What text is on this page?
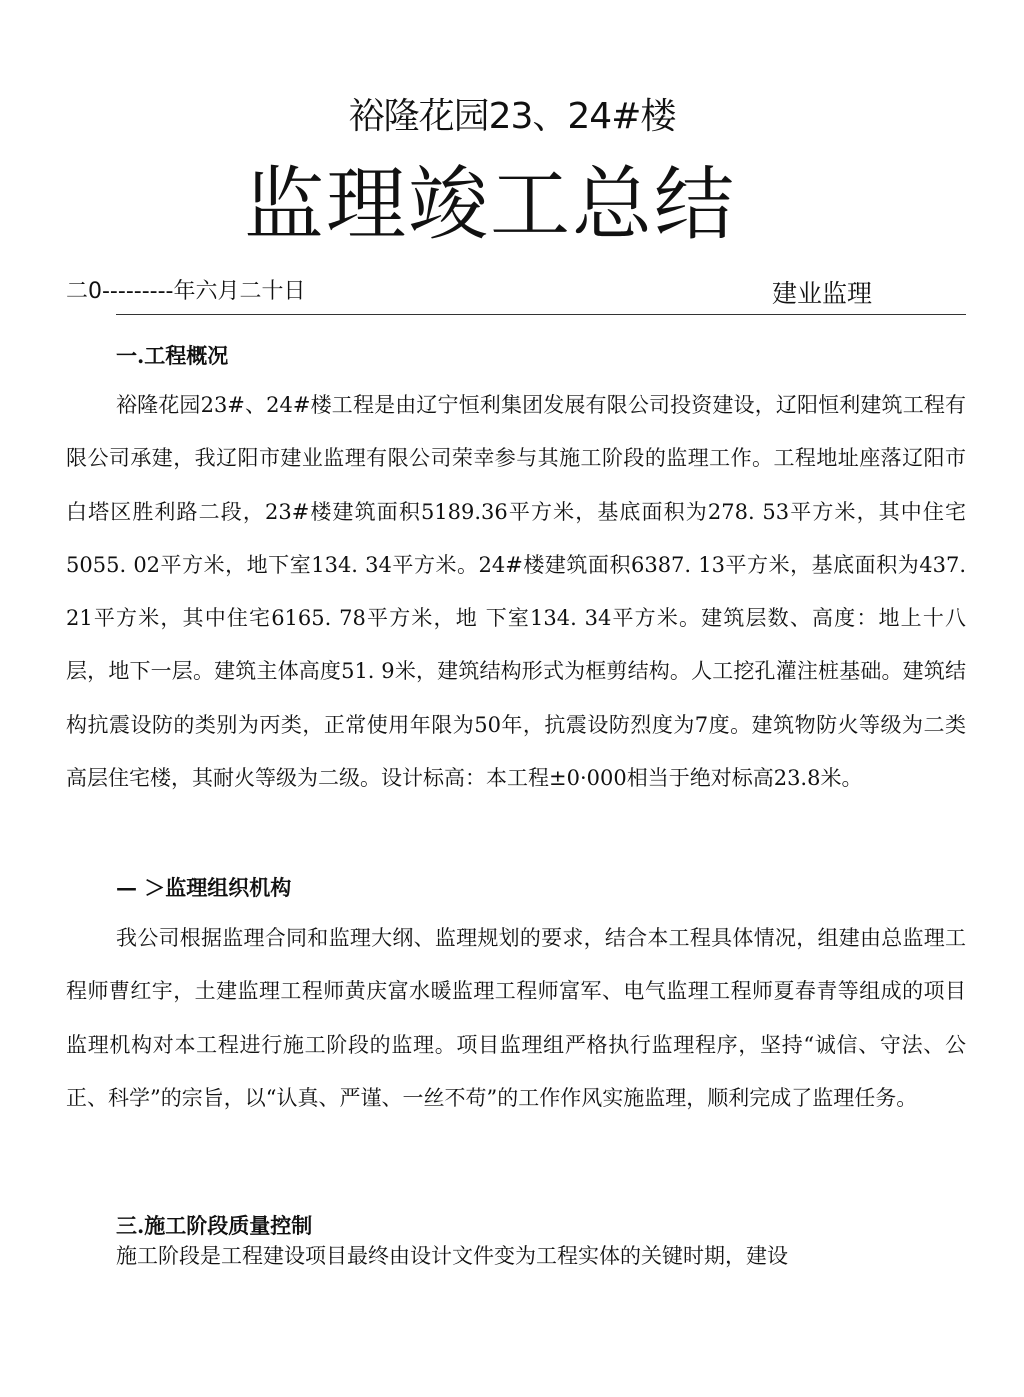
裕隆花园23、24#楼
监理竣工总结
二0---------年六月二十日	建业监理
一.工程概况
裕隆花园23#、24#楼工程是由辽宁恒利集团发展有限公司投资建设，辽阳恒利建筑工程有限公司承建，我辽阳市建业监理有限公司荣幸参与其施工阶段的监理工作。工程地址座落辽阳市白塔区胜利路二段，23#楼建筑面积5189.36平方米，基底面积为278. 53平方米，其中住宅5055. 02平方米，地下室134. 34平方米。24#楼建筑面积6387. 13平方米，基底面积为437. 21平方米，其中住宅6165. 78平方米，地 下室134. 34平方米。建筑层数、高度：地上十八层，地下一层。建筑主体高度51. 9米，建筑结构形式为框剪结构。人工挖孔灌注桩基础。建筑结构抗震设防的类别为丙类，正常使用年限为50年，抗震设防烈度为7度。建筑物防火等级为二类高层住宅楼，其耐火等级为二级。设计标高：本工程±0·000相当于绝对标高23.8米。
— ＞监理组织机构
我公司根据监理合同和监理大纲、监理规划的要求，结合本工程具体情况，组建由总监理工程师曹红宇，土建监理工程师黄庆富水暖监理工程师富军、电气监理工程师夏春青等组成的项目监理机构对本工程进行施工阶段的监理。项目监理组严格执行监理程序，坚持“诚信、守法、公正、科学”的宗旨，以“认真、严谨、一丝不苟”的工作作风实施监理，顺利完成了监理任务。
三.施工阶段质量控制
施工阶段是工程建设项目最终由设计文件变为工程实体的关键时期，建设
